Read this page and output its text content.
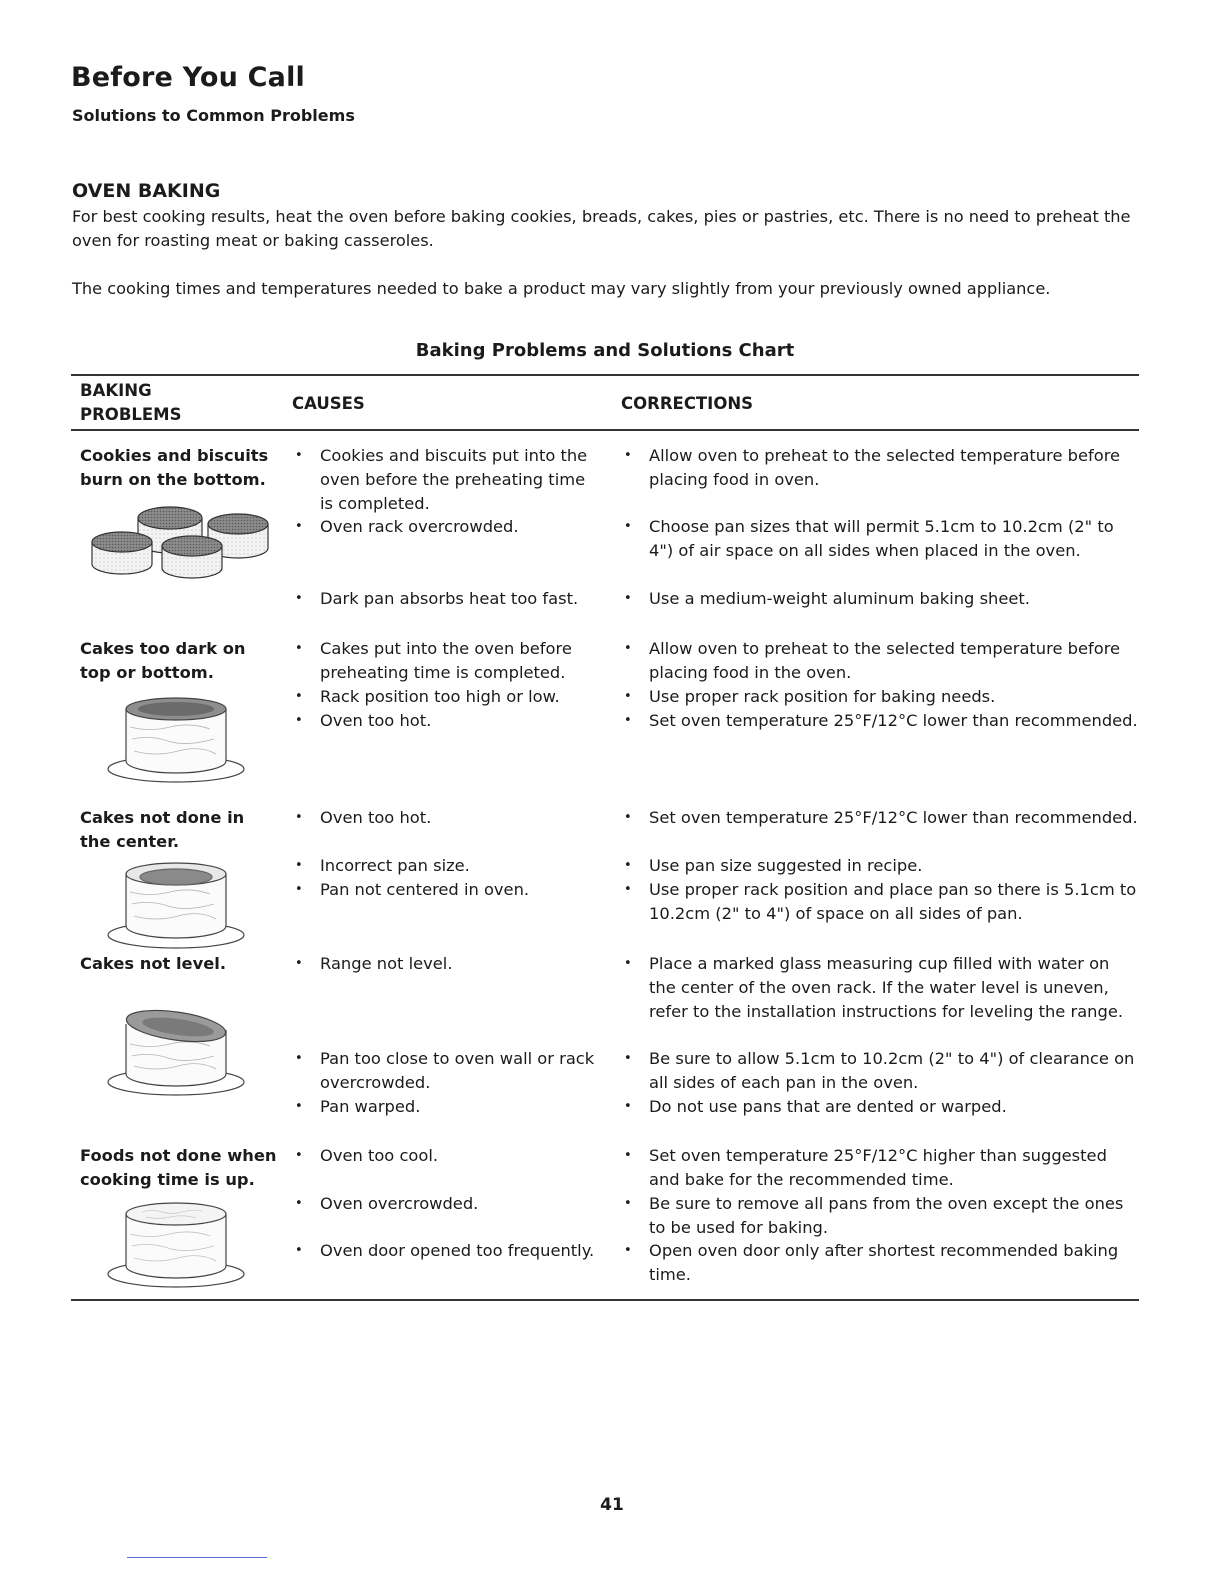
Before You Call
Solutions to Common Problems
OVEN BAKING
For best cooking results, heat the oven before baking cookies, breads, cakes, pies or pastries, etc. There is no need to preheat the oven for roasting meat or baking casseroles.
The cooking times and temperatures needed to bake a product may vary slightly from your previously owned appliance.
Baking Problems and Solutions Chart
BAKING
PROBLEMS
CAUSES	CORRECTIONS
Cookies and biscuits burn on the bottom.
• Cookies and biscuits put into the oven before the preheating time is completed.
• Oven rack overcrowded.
• Dark pan absorbs heat too fast.
• Allow oven to preheat to the selected temperature before placing food in oven.
• Choose pan sizes that will permit 5.1cm to 10.2cm (2" to 4") of air space on all sides when placed in the oven.
• Use a medium-weight aluminum baking sheet.
Cakes too dark on top or bottom.
• Cakes put into the oven before preheating time is completed.
• Rack position too high or low.
• Oven too hot.
• Allow oven to preheat to the selected temperature before placing food in the oven.
• Use proper rack position for baking needs.
• Set oven temperature 25°F/12°C lower than recommended.
Cakes not done in the center.
• Oven too hot.
• Incorrect pan size.
• Pan not centered in oven.
• Set oven temperature 25°F/12°C lower than recommended.
• Use pan size suggested in recipe.
• Use proper rack position and place pan so there is 5.1cm to 10.2cm (2" to 4") of space on all sides of pan.
Cakes not level.
•	Range not level.
• Pan too close to oven wall or rack overcrowded.
• Pan warped.
• Place a marked glass measuring cup filled with water on the center of the oven rack. If the water level is uneven, refer to the installation instructions for leveling the range.
• Be sure to allow 5.1cm to 10.2cm (2" to 4") of clearance on all sides of each pan in the oven.
• Do not use pans that are dented or warped.
Foods not done when cooking time is up.
• Oven too cool.
• Oven overcrowded.
• Oven door opened too frequently.
• Set oven temperature 25°F/12°C higher than suggested and bake for the recommended time.
• Be sure to remove all pans from the oven except the ones to be used for baking.
• Open oven door only after shortest recommended baking time.
41
